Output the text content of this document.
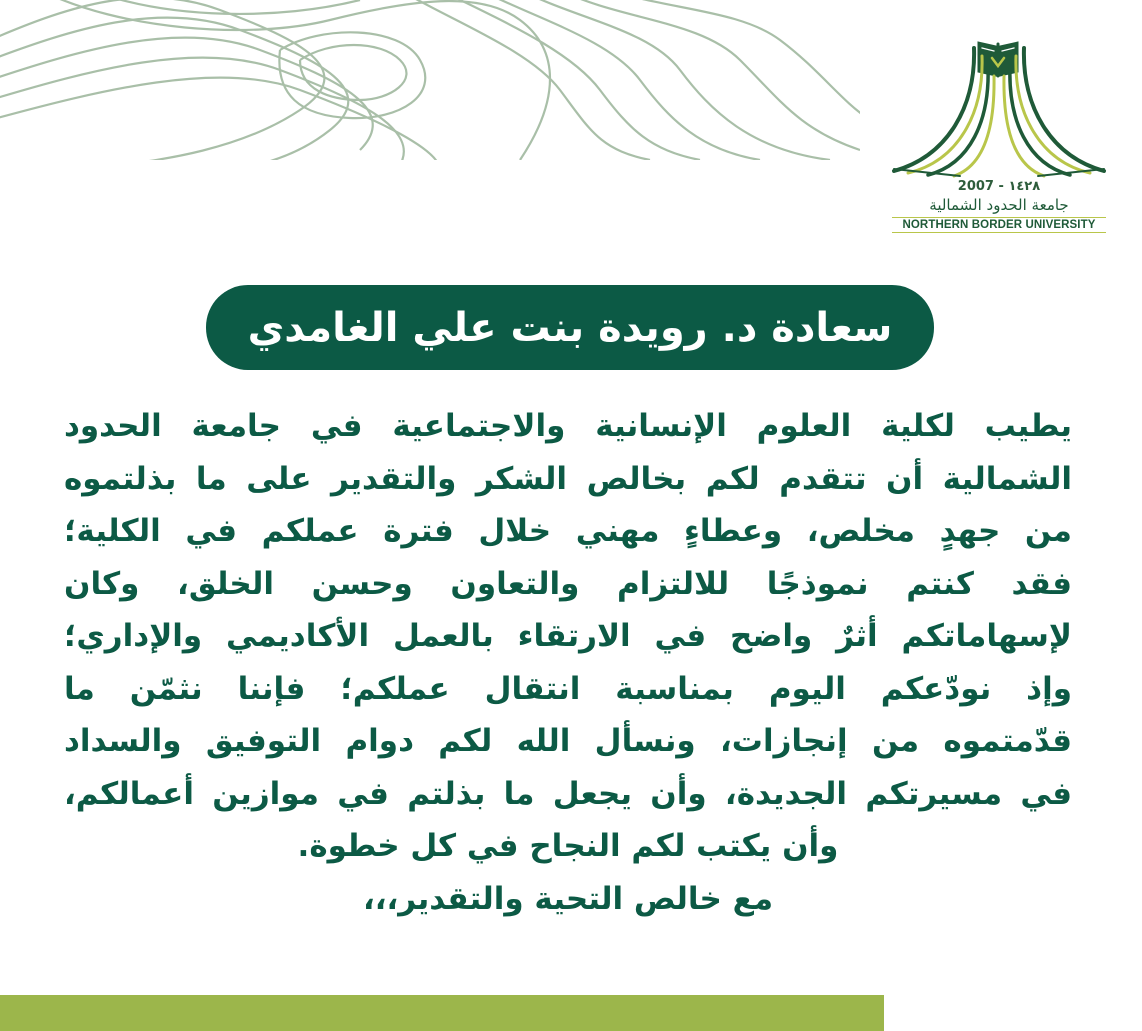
2007 - ١٤٢٨
جامعة الحدود الشمالية
NORTHERN BORDER UNIVERSITY
سعادة د. رويدة بنت علي الغامدي
يطيب لكلية العلوم الإنسانية والاجتماعية في جامعة الحدود
الشمالية أن تتقدم لكم بخالص الشكر والتقدير على ما بذلتموه
من جهدٍ مخلص، وعطاءٍ مهني خلال فترة عملكم في الكلية؛
فقد كنتم نموذجًا للالتزام والتعاون وحسن الخلق، وكان
لإسهاماتكم أثرٌ واضح في الارتقاء بالعمل الأكاديمي والإداري؛
وإذ نودّعكم اليوم بمناسبة انتقال عملكم؛ فإننا نثمّن ما
قدّمتموه من إنجازات، ونسأل الله لكم دوام التوفيق والسداد
في مسيرتكم الجديدة، وأن يجعل ما بذلتم في موازين أعمالكم،
وأن يكتب لكم النجاح في كل خطوة.
مع خالص التحية والتقدير،،،
